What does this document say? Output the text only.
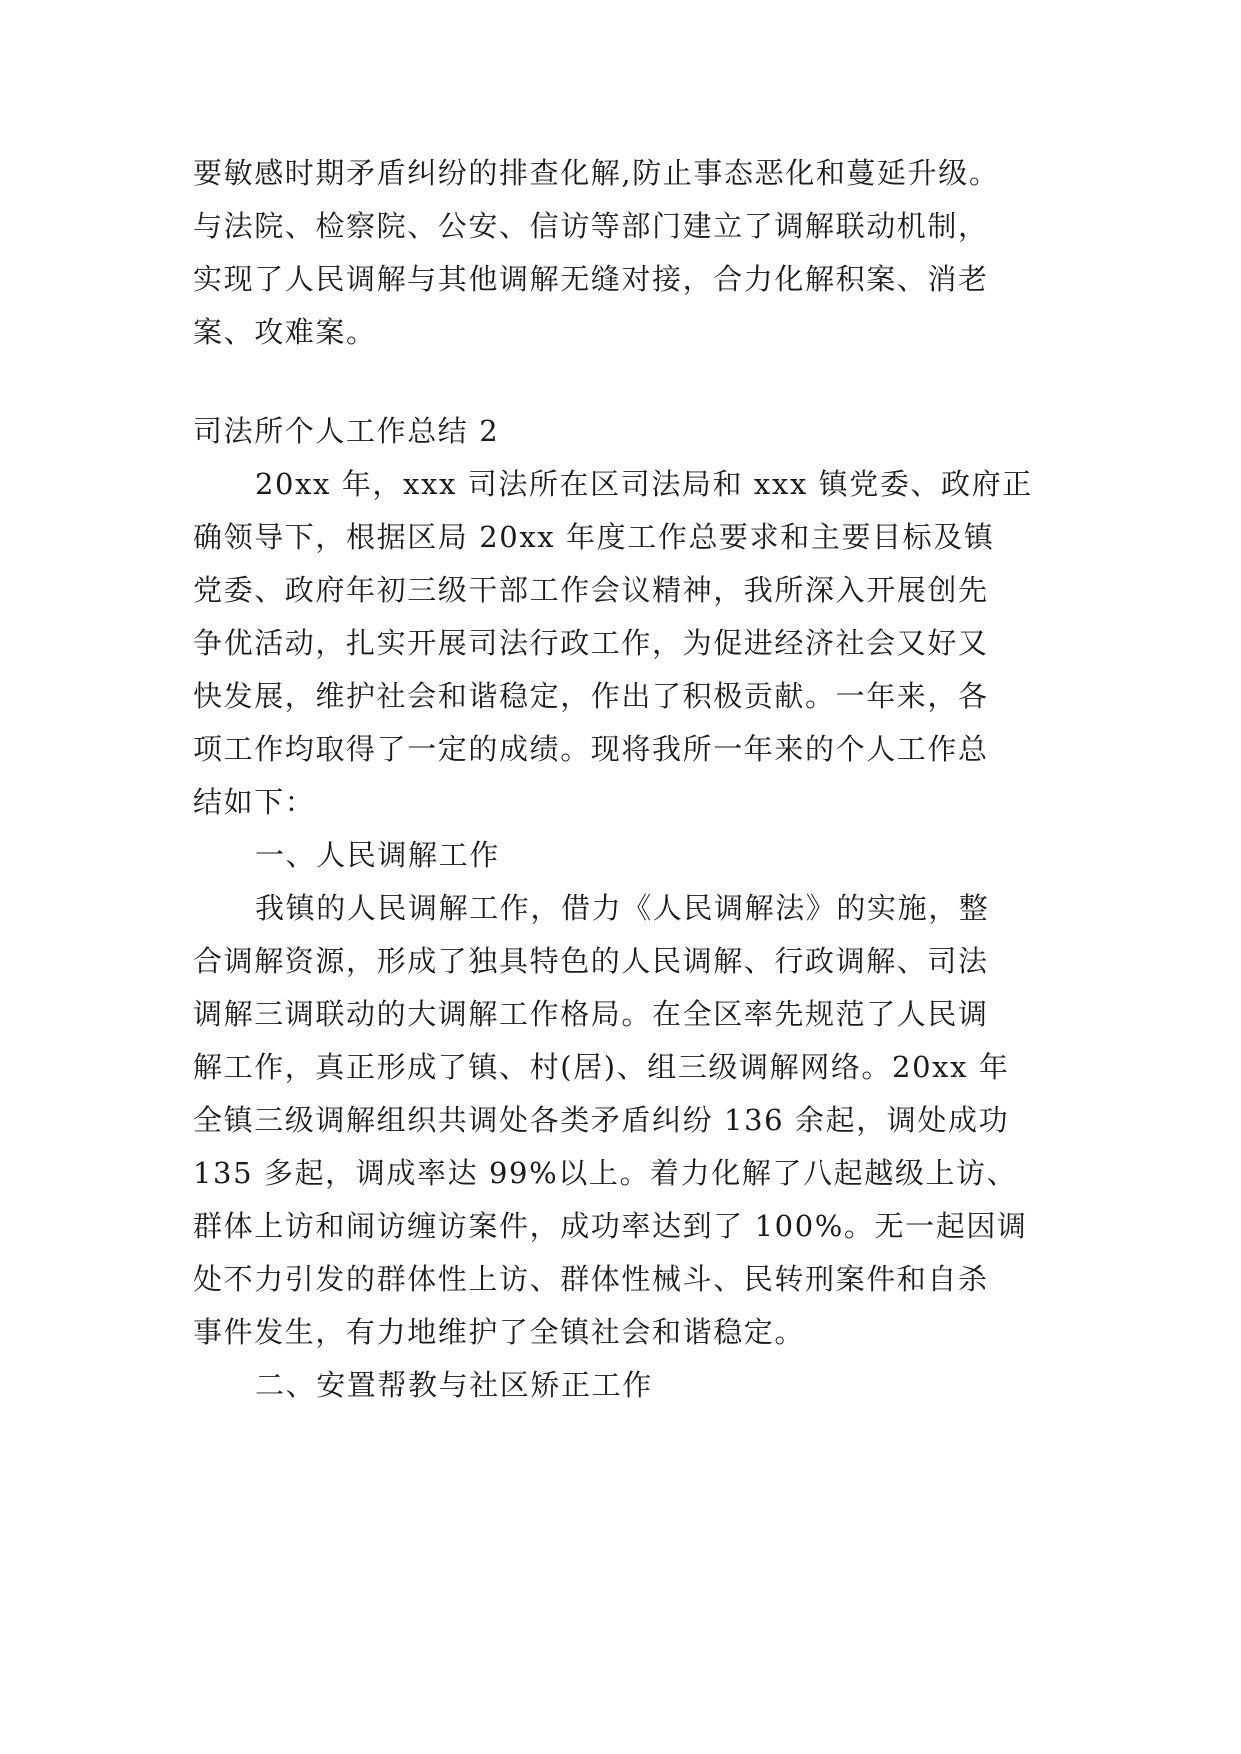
要敏感时期矛盾纠纷的排查化解,防止事态恶化和蔓延升级。
与法院、检察院、公安、信访等部门建立了调解联动机制，
实现了人民调解与其他调解无缝对接，合力化解积案、消老
案、攻难案。
司法所个人工作总结 2
20xx 年，xxx 司法所在区司法局和 xxx 镇党委、政府正
确领导下，根据区局 20xx 年度工作总要求和主要目标及镇
党委、政府年初三级干部工作会议精神，我所深入开展创先
争优活动，扎实开展司法行政工作，为促进经济社会又好又
快发展，维护社会和谐稳定，作出了积极贡献。一年来，各
项工作均取得了一定的成绩。现将我所一年来的个人工作总
结如下：
一、人民调解工作
我镇的人民调解工作，借力《人民调解法》的实施，整
合调解资源，形成了独具特色的人民调解、行政调解、司法
调解三调联动的大调解工作格局。在全区率先规范了人民调
解工作，真正形成了镇、村(居)、组三级调解网络。20xx 年
全镇三级调解组织共调处各类矛盾纠纷 136 余起，调处成功
135 多起，调成率达 99%以上。着力化解了八起越级上访、
群体上访和闹访缠访案件，成功率达到了 100%。无一起因调
处不力引发的群体性上访、群体性械斗、民转刑案件和自杀
事件发生，有力地维护了全镇社会和谐稳定。
二、安置帮教与社区矫正工作
